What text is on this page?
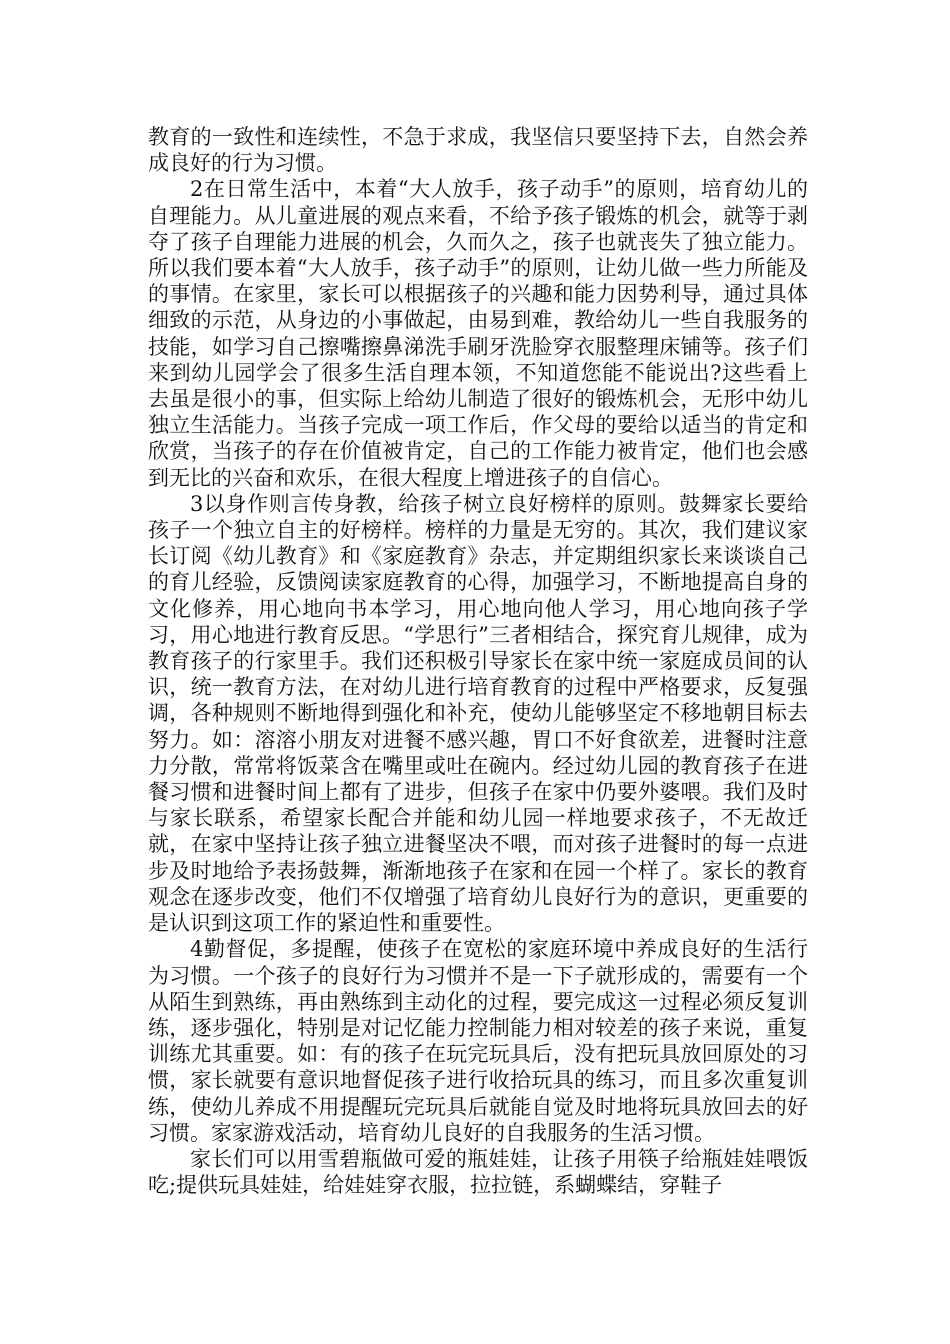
教育的一致性和连续性，不急于求成，我坚信只要坚持下去，自然会养成良好的行为习惯。

2在日常生活中，本着“大人放手，孩子动手”的原则，培育幼儿的自理能力。从儿童进展的观点来看，不给予孩子锻炼的机会，就等于剥夺了孩子自理能力进展的机会，久而久之，孩子也就丧失了独立能力。所以我们要本着“大人放手，孩子动手”的原则，让幼儿做一些力所能及的事情。在家里，家长可以根据孩子的兴趣和能力因势利导，通过具体细致的示范，从身边的小事做起，由易到难，教给幼儿一些自我服务的技能，如学习自己擦嘴擦鼻涕洗手刷牙洗脸穿衣服整理床铺等。孩子们来到幼儿园学会了很多生活自理本领，不知道您能不能说出?这些看上去虽是很小的事，但实际上给幼儿制造了很好的锻炼机会，无形中幼儿独立生活能力。当孩子完成一项工作后，作父母的要给以适当的肯定和欣赏，当孩子的存在价值被肯定，自己的工作能力被肯定，他们也会感到无比的兴奋和欢乐，在很大程度上增进孩子的自信心。

3以身作则言传身教，给孩子树立良好榜样的原则。鼓舞家长要给孩子一个独立自主的好榜样。榜样的力量是无穷的。其次，我们建议家长订阅《幼儿教育》和《家庭教育》杂志，并定期组织家长来谈谈自己的育儿经验，反馈阅读家庭教育的心得，加强学习，不断地提高自身的文化修养，用心地向书本学习，用心地向他人学习，用心地向孩子学习，用心地进行教育反思。“学思行”三者相结合，探究育儿规律，成为教育孩子的行家里手。我们还积极引导家长在家中统一家庭成员间的认识，统一教育方法，在对幼儿进行培育教育的过程中严格要求，反复强调，各种规则不断地得到强化和补充，使幼儿能够坚定不移地朝目标去努力。如：溶溶小朋友对进餐不感兴趣，胃口不好食欲差，进餐时注意力分散，常常将饭菜含在嘴里或吐在碗内。经过幼儿园的教育孩子在进餐习惯和进餐时间上都有了进步，但孩子在家中仍要外婆喂。我们及时与家长联系，希望家长配合并能和幼儿园一样地要求孩子，不无故迁就，在家中坚持让孩子独立进餐坚决不喂，而对孩子进餐时的每一点进步及时地给予表扬鼓舞，渐渐地孩子在家和在园一个样了。家长的教育观念在逐步改变，他们不仅增强了培育幼儿良好行为的意识，更重要的是认识到这项工作的紧迫性和重要性。

4勤督促，多提醒，使孩子在宽松的家庭环境中养成良好的生活行为习惯。一个孩子的良好行为习惯并不是一下子就形成的，需要有一个从陌生到熟练，再由熟练到主动化的过程，要完成这一过程必须反复训练，逐步强化，特别是对记忆能力控制能力相对较差的孩子来说，重复训练尤其重要。如：有的孩子在玩完玩具后，没有把玩具放回原处的习惯，家长就要有意识地督促孩子进行收拾玩具的练习，而且多次重复训练，使幼儿养成不用提醒玩完玩具后就能自觉及时地将玩具放回去的好习惯。家家游戏活动，培育幼儿良好的自我服务的生活习惯。

家长们可以用雪碧瓶做可爱的瓶娃娃，让孩子用筷子给瓶娃娃喂饭吃;提供玩具娃娃，给娃娃穿衣服，拉拉链，系蝴蝶结，穿鞋子
